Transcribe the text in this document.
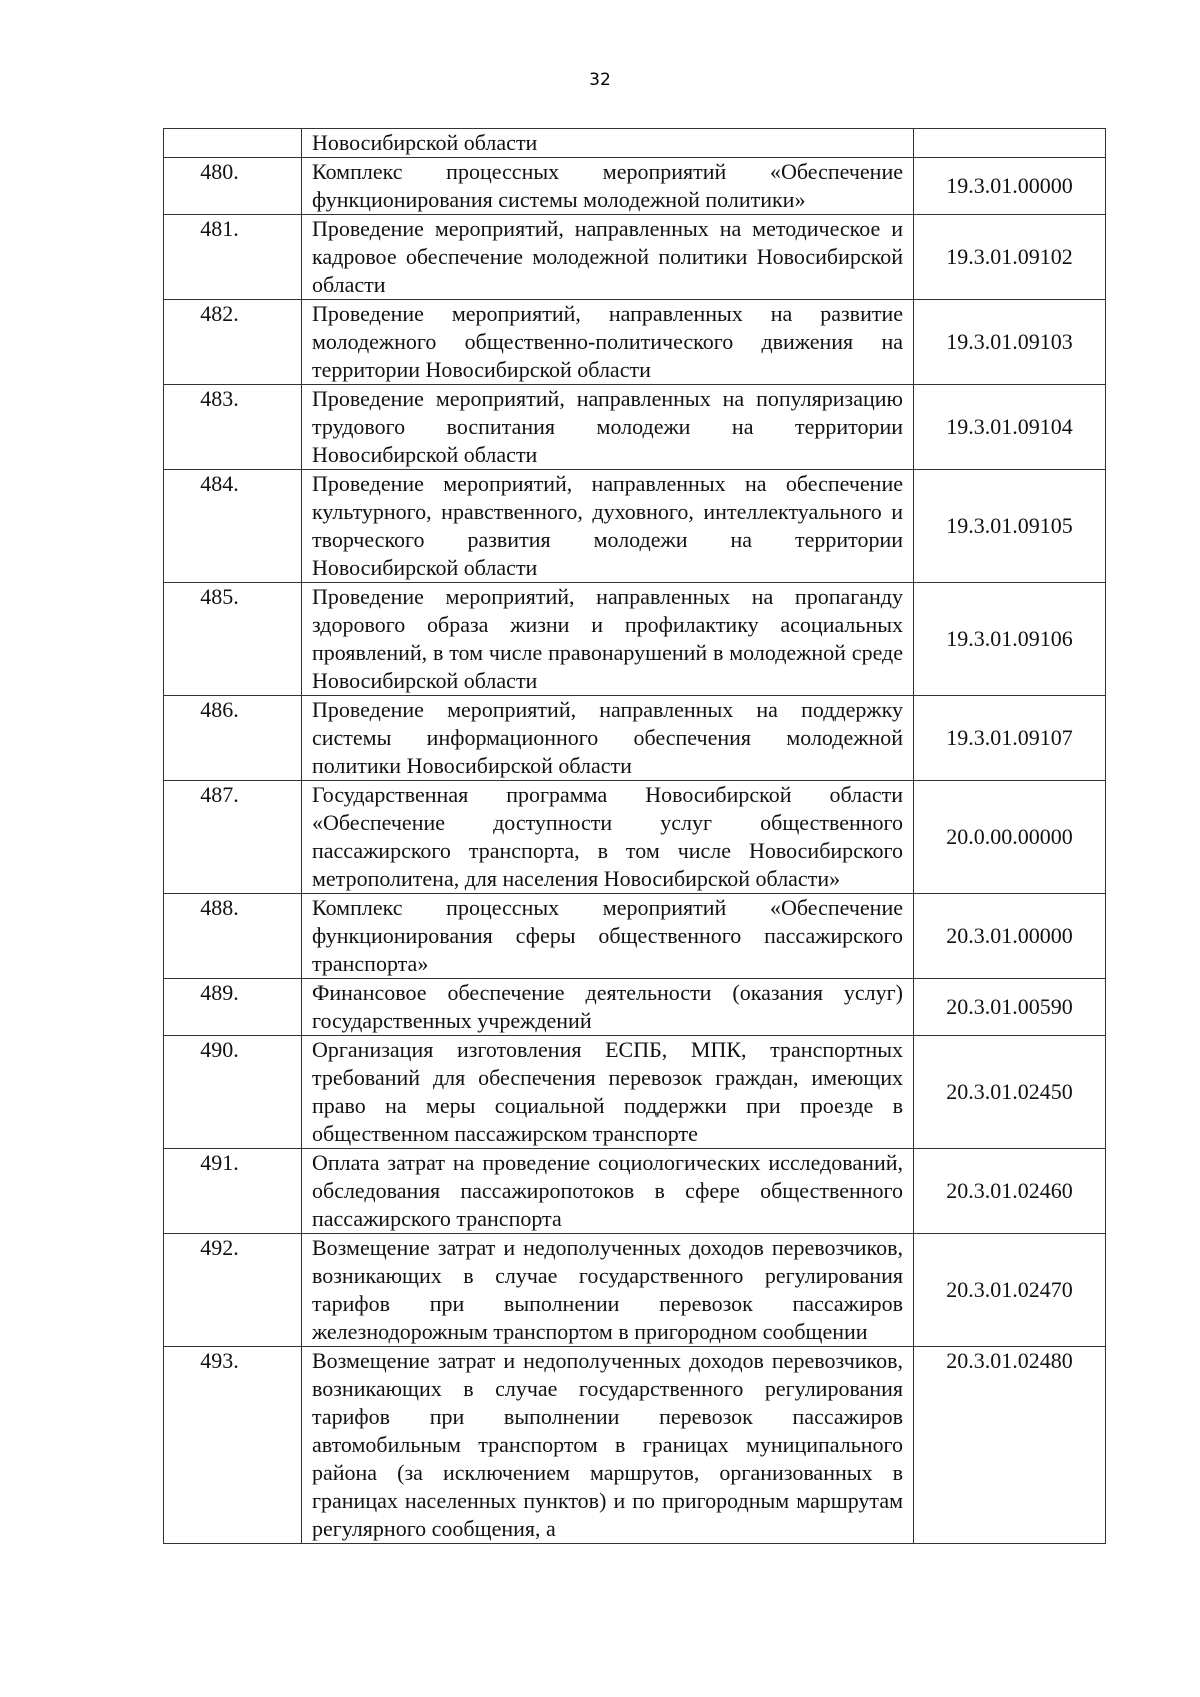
32
	Новосибирской области	
480.	Комплекс процессных мероприятий «Обеспечение функционирования системы молодежной политики»	19.3.01.00000
481.	Проведение мероприятий, направленных на методическое и кадровое обеспечение молодежной политики Новосибирской области	19.3.01.09102
482.	Проведение мероприятий, направленных на развитие молодежного общественно-политического движения на территории Новосибирской области	19.3.01.09103
483.	Проведение мероприятий, направленных на популяризацию трудового воспитания молодежи на территории Новосибирской области	19.3.01.09104
484.	Проведение мероприятий, направленных на обеспечение культурного, нравственного, духовного, интеллектуального и творческого развития молодежи на территории Новосибирской области	19.3.01.09105
485.	Проведение мероприятий, направленных на пропаганду здорового образа жизни и профилактику асоциальных проявлений, в том числе правонарушений в молодежной среде Новосибирской области	19.3.01.09106
486.	Проведение мероприятий, направленных на поддержку системы информационного обеспечения молодежной политики Новосибирской области	19.3.01.09107
487.	Государственная программа Новосибирской области «Обеспечение доступности услуг общественного пассажирского транспорта, в том числе Новосибирского метрополитена, для населения Новосибирской области»	20.0.00.00000
488.	Комплекс процессных мероприятий «Обеспечение функционирования сферы общественного пассажирского транспорта»	20.3.01.00000
489.	Финансовое обеспечение деятельности (оказания услуг) государственных учреждений	20.3.01.00590
490.	Организация изготовления ЕСПБ, МПК, транспортных требований для обеспечения перевозок граждан, имеющих право на меры социальной поддержки при проезде в общественном пассажирском транспорте	20.3.01.02450
491.	Оплата затрат на проведение социологических исследований, обследования пассажиропотоков в сфере общественного пассажирского транспорта	20.3.01.02460
492.	Возмещение затрат и недополученных доходов перевозчиков, возникающих в случае государственного регулирования тарифов при выполнении перевозок пассажиров железнодорожным транспортом в пригородном сообщении	20.3.01.02470
493.	Возмещение затрат и недополученных доходов перевозчиков, возникающих в случае государственного регулирования тарифов при выполнении перевозок пассажиров автомобильным транспортом в границах муниципального района (за исключением маршрутов, организованных в границах населенных пунктов) и по пригородным маршрутам регулярного сообщения, а	20.3.01.02480
